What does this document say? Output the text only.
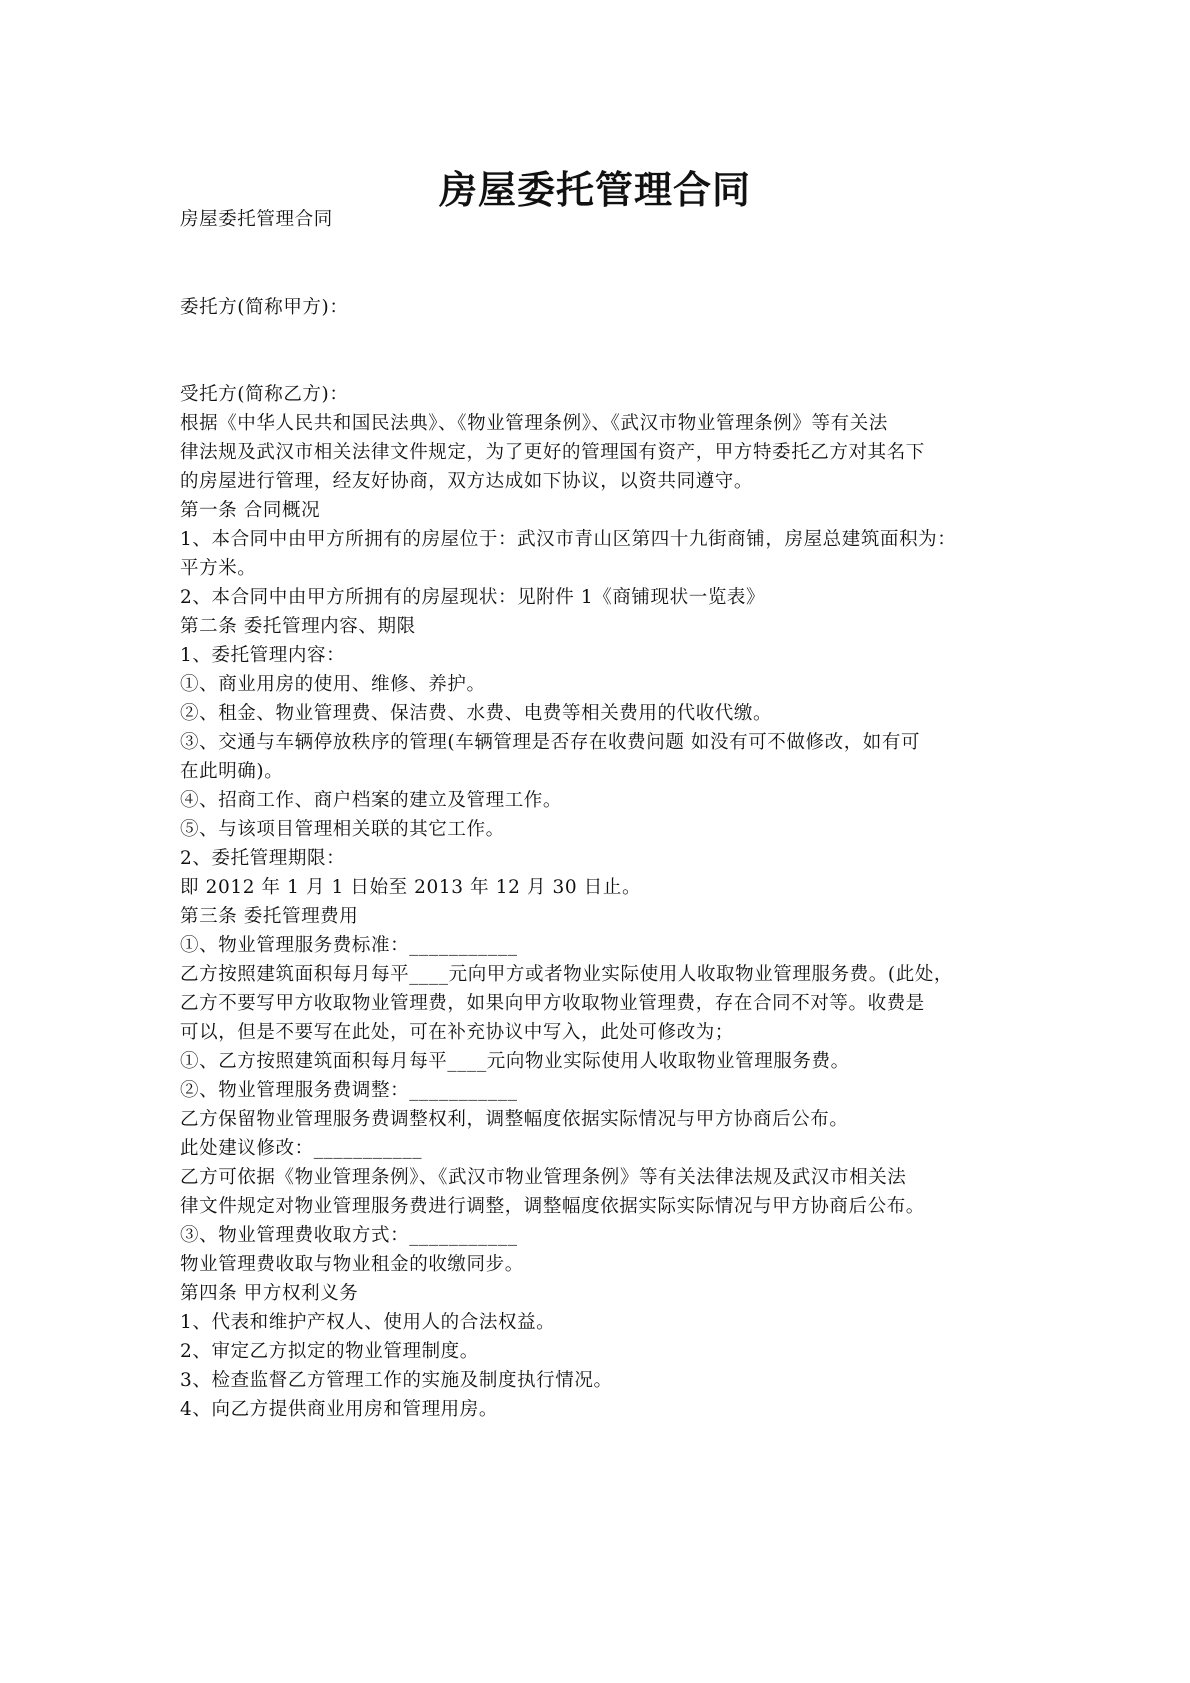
房屋委托管理合同
房屋委托管理合同
委托方(简称甲方)：
受托方(简称乙方)：
根据《中华人民共和国民法典》、《物业管理条例》、《武汉市物业管理条例》等有关法
律法规及武汉市相关法律文件规定，为了更好的管理国有资产，甲方特委托乙方对其名下
的房屋进行管理，经友好协商，双方达成如下协议，以资共同遵守。
第一条 合同概况
1、本合同中由甲方所拥有的房屋位于：武汉市青山区第四十九街商铺，房屋总建筑面积为：
平方米。
2、本合同中由甲方所拥有的房屋现状：见附件 1《商铺现状一览表》
第二条 委托管理内容、期限
1、委托管理内容：
①、商业用房的使用、维修、养护。
②、租金、物业管理费、保洁费、水费、电费等相关费用的代收代缴。
③、交通与车辆停放秩序的管理(车辆管理是否存在收费问题 如没有可不做修改，如有可
在此明确)。
④、招商工作、商户档案的建立及管理工作。
⑤、与该项目管理相关联的其它工作。
2、委托管理期限：
即 2012 年 1 月 1 日始至 2013 年 12 月 30 日止。
第三条 委托管理费用
①、物业管理服务费标准：___________
乙方按照建筑面积每月每平____元向甲方或者物业实际使用人收取物业管理服务费。(此处，
乙方不要写甲方收取物业管理费，如果向甲方收取物业管理费，存在合同不对等。收费是
可以，但是不要写在此处，可在补充协议中写入，此处可修改为；
①、乙方按照建筑面积每月每平____元向物业实际使用人收取物业管理服务费。
②、物业管理服务费调整：___________
乙方保留物业管理服务费调整权利，调整幅度依据实际情况与甲方协商后公布。
此处建议修改：___________
乙方可依据《物业管理条例》、《武汉市物业管理条例》等有关法律法规及武汉市相关法
律文件规定对物业管理服务费进行调整，调整幅度依据实际实际情况与甲方协商后公布。
③、物业管理费收取方式：___________
物业管理费收取与物业租金的收缴同步。
第四条 甲方权利义务
1、代表和维护产权人、使用人的合法权益。
2、审定乙方拟定的物业管理制度。
3、检查监督乙方管理工作的实施及制度执行情况。
4、向乙方提供商业用房和管理用房。
